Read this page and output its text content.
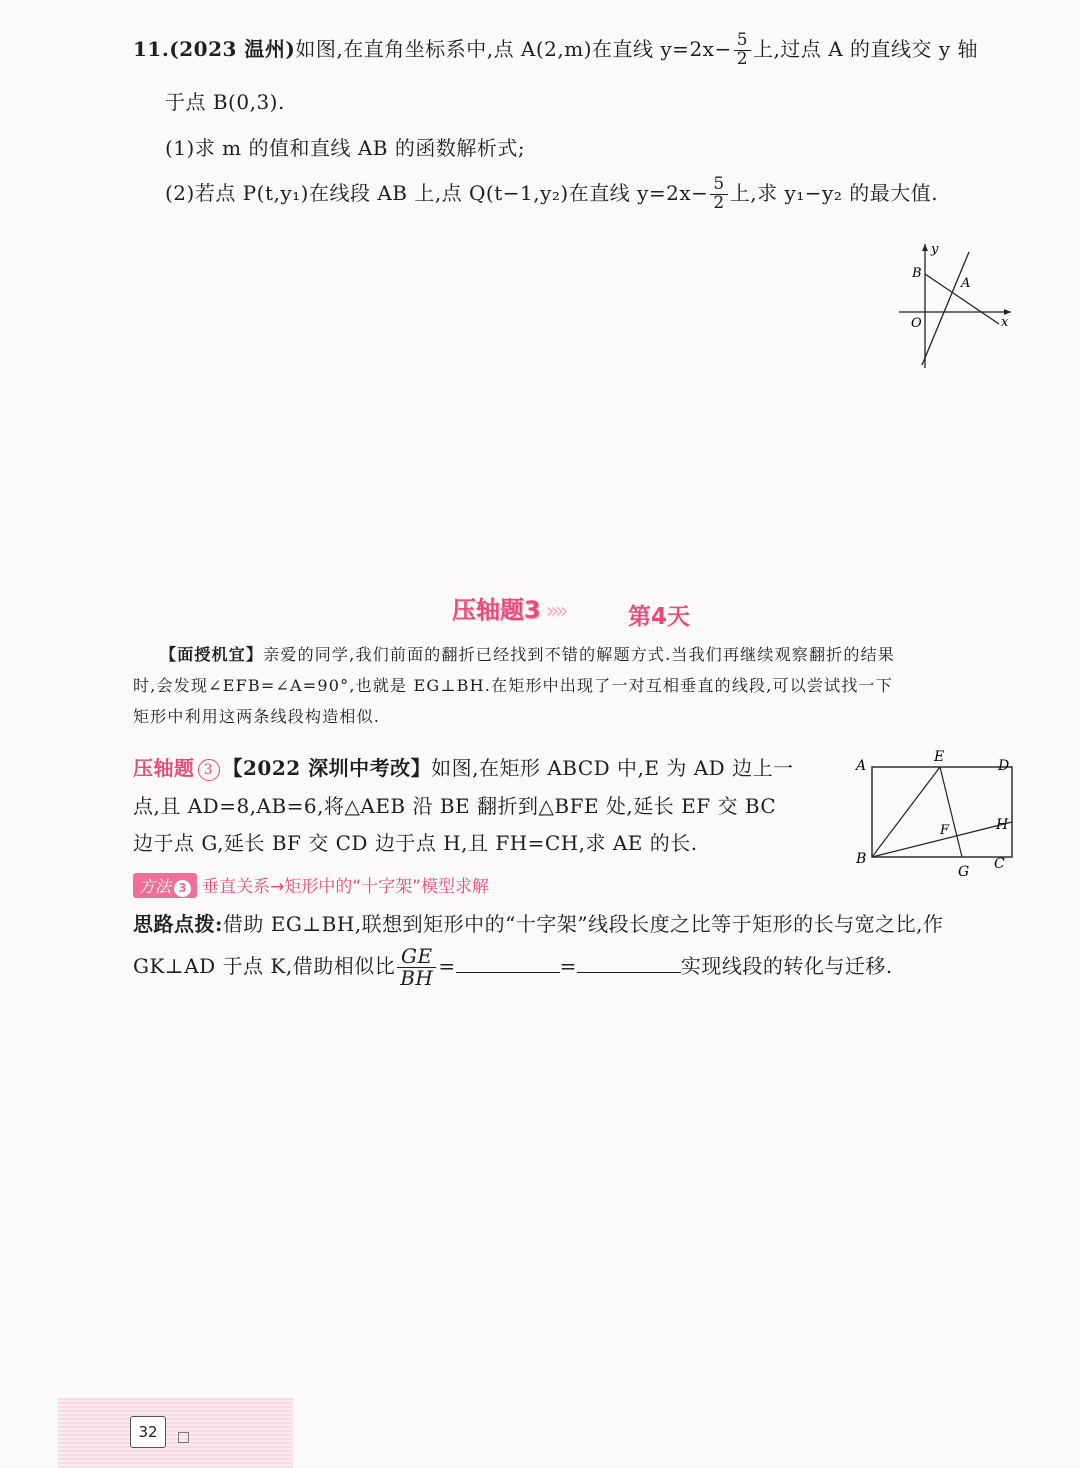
11.(2023 温州)如图,在直角坐标系中,点 A(2,m)在直线 $y=2x- \frac{5}{2}$ 上,过点 A 的直线交 y 轴
于点 B(0,3).
(1)求 m 的值和直线 AB 的函数解析式;
(2)若点 P(t,y₁)在线段 AB 上,点 Q(t−1,y₂)在直线 $y=2x- \frac{5}{2}$ 上,求 y₁−y₂ 的最大值.
y
x
O
B
A
压轴题3 »»	第4天
【面授机宜】亲爱的同学,我们前面的翻折已经找到不错的解题方式.当我们再继续观察翻折的结果
时,会发现∠EFB=∠A=90°,也就是 EG⊥BH.在矩形中出现了一对互相垂直的线段,可以尝试找一下
矩形中利用这两条线段构造相似.
压轴题 3 【2022 深圳中考改】如图,在矩形 ABCD 中,E 为 AD 边上一
点,且 AD=8,AB=6,将△AEB 沿 BE 翻折到△BFE 处,延长 EF 交 BC
边于点 G,延长 BF 交 CD 边于点 H,且 FH=CH,求 AE 的长.
A
E
D
H
F
B
G C
方法 3 垂直关系→矩形中的“十字架”模型求解
思路点拨:借助 EG⊥BH,联想到矩形中的“十字架”线段长度之比等于矩形的长与宽之比,作
GK⊥AD 于点 K,借助相似比 $\frac{GE}{BH}$ =	=	实现线段的转化与迁移.
32
